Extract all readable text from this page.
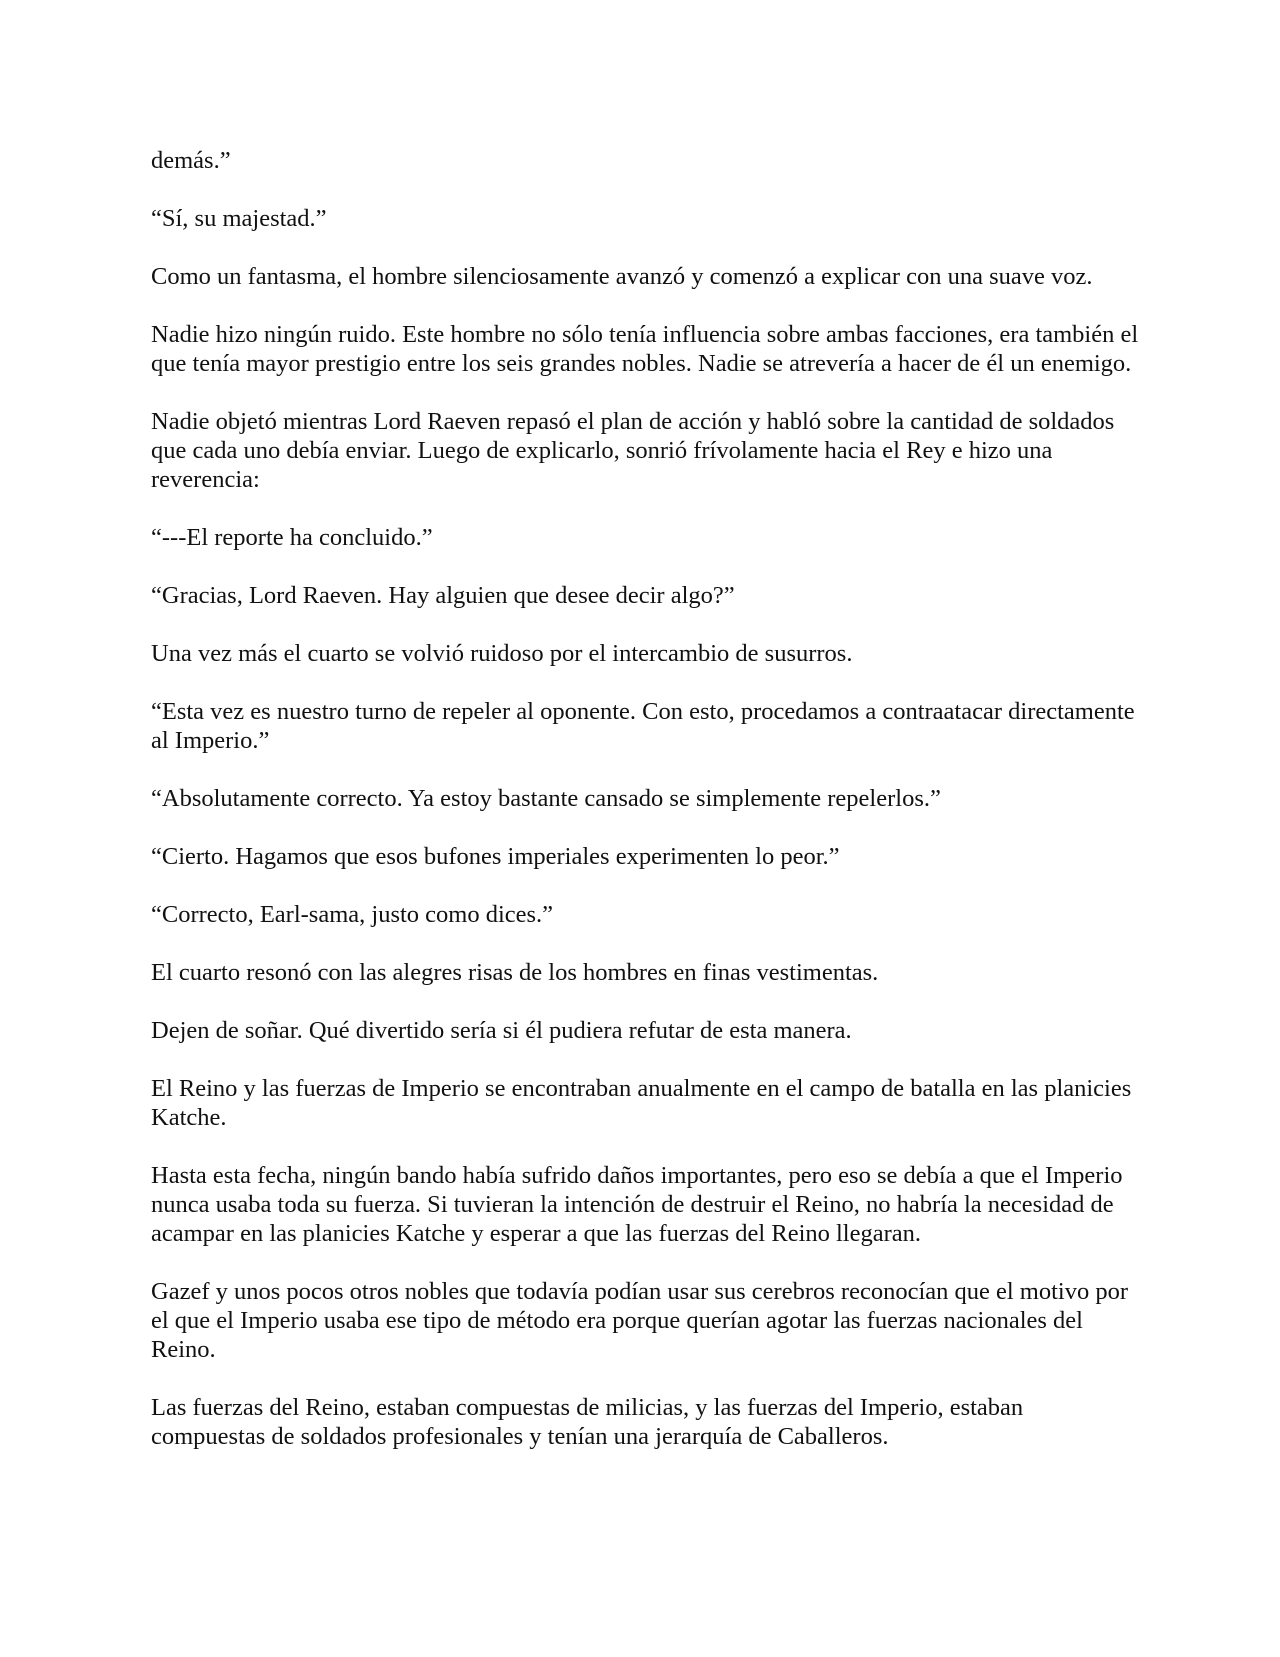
demás.”

“Sí, su majestad.”

Como un fantasma, el hombre silenciosamente avanzó y comenzó a explicar con una suave voz.

Nadie hizo ningún ruido. Este hombre no sólo tenía influencia sobre ambas facciones, era también el que tenía mayor prestigio entre los seis grandes nobles. Nadie se atrevería a hacer de él un enemigo.

Nadie objetó mientras Lord Raeven repasó el plan de acción y habló sobre la cantidad de soldados que cada uno debía enviar. Luego de explicarlo, sonrió frívolamente hacia el Rey e hizo una reverencia:

“---El reporte ha concluido.”

“Gracias, Lord Raeven. Hay alguien que desee decir algo?”

Una vez más el cuarto se volvió ruidoso por el intercambio de susurros.

“Esta vez es nuestro turno de repeler al oponente. Con esto, procedamos a contraatacar directamente al Imperio.”

“Absolutamente correcto. Ya estoy bastante cansado se simplemente repelerlos.”

“Cierto. Hagamos que esos bufones imperiales experimenten lo peor.”

“Correcto, Earl-sama, justo como dices.”

El cuarto resonó con las alegres risas de los hombres en finas vestimentas.

Dejen de soñar. Qué divertido sería si él pudiera refutar de esta manera.

El Reino y las fuerzas de Imperio se encontraban anualmente en el campo de batalla en las planicies Katche.

Hasta esta fecha, ningún bando había sufrido daños importantes, pero eso se debía a que el Imperio nunca usaba toda su fuerza. Si tuvieran la intención de destruir el Reino, no habría la necesidad de acampar en las planicies Katche y esperar a que las fuerzas del Reino llegaran.

Gazef y unos pocos otros nobles que todavía podían usar sus cerebros reconocían que el motivo por el que el Imperio usaba ese tipo de método era porque querían agotar las fuerzas nacionales del Reino.

Las fuerzas del Reino, estaban compuestas de milicias, y las fuerzas del Imperio, estaban compuestas de soldados profesionales y tenían una jerarquía de Caballeros.
